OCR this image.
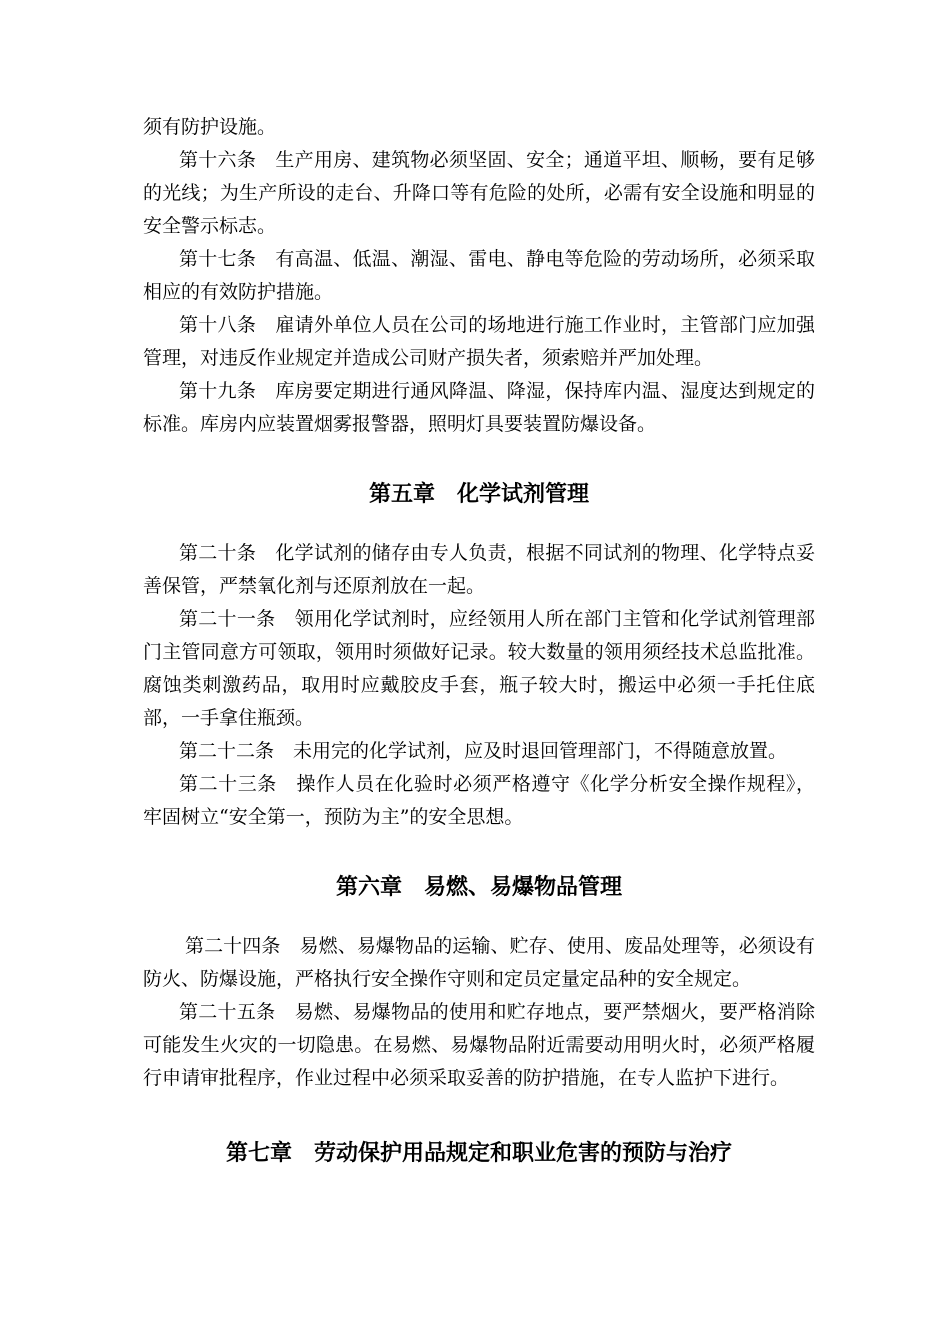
须有防护设施。

第十六条　生产用房、建筑物必须坚固、安全；通道平坦、顺畅，要有足够的光线；为生产所设的走台、升降口等有危险的处所，必需有安全设施和明显的安全警示标志。

第十七条　有高温、低温、潮湿、雷电、静电等危险的劳动场所，必须采取相应的有效防护措施。

第十八条　雇请外单位人员在公司的场地进行施工作业时，主管部门应加强管理，对违反作业规定并造成公司财产损失者，须索赔并严加处理。

第十九条　库房要定期进行通风降温、降湿，保持库内温、湿度达到规定的标准。库房内应装置烟雾报警器，照明灯具要装置防爆设备。

第五章　化学试剂管理

第二十条　化学试剂的储存由专人负责，根据不同试剂的物理、化学特点妥善保管，严禁氧化剂与还原剂放在一起。

第二十一条　领用化学试剂时，应经领用人所在部门主管和化学试剂管理部门主管同意方可领取，领用时须做好记录。较大数量的领用须经技术总监批准。腐蚀类刺激药品，取用时应戴胶皮手套，瓶子较大时，搬运中必须一手托住底部，一手拿住瓶颈。

第二十二条　未用完的化学试剂，应及时退回管理部门，不得随意放置。

第二十三条　操作人员在化验时必须严格遵守《化学分析安全操作规程》，牢固树立“安全第一，预防为主”的安全思想。

第六章　易燃、易爆物品管理

第二十四条　易燃、易爆物品的运输、贮存、使用、废品处理等，必须设有防火、防爆设施，严格执行安全操作守则和定员定量定品种的安全规定。

第二十五条　易燃、易爆物品的使用和贮存地点，要严禁烟火，要严格消除可能发生火灾的一切隐患。在易燃、易爆物品附近需要动用明火时，必须严格履行申请审批程序，作业过程中必须采取妥善的防护措施，在专人监护下进行。

第七章　劳动保护用品规定和职业危害的预防与治疗
